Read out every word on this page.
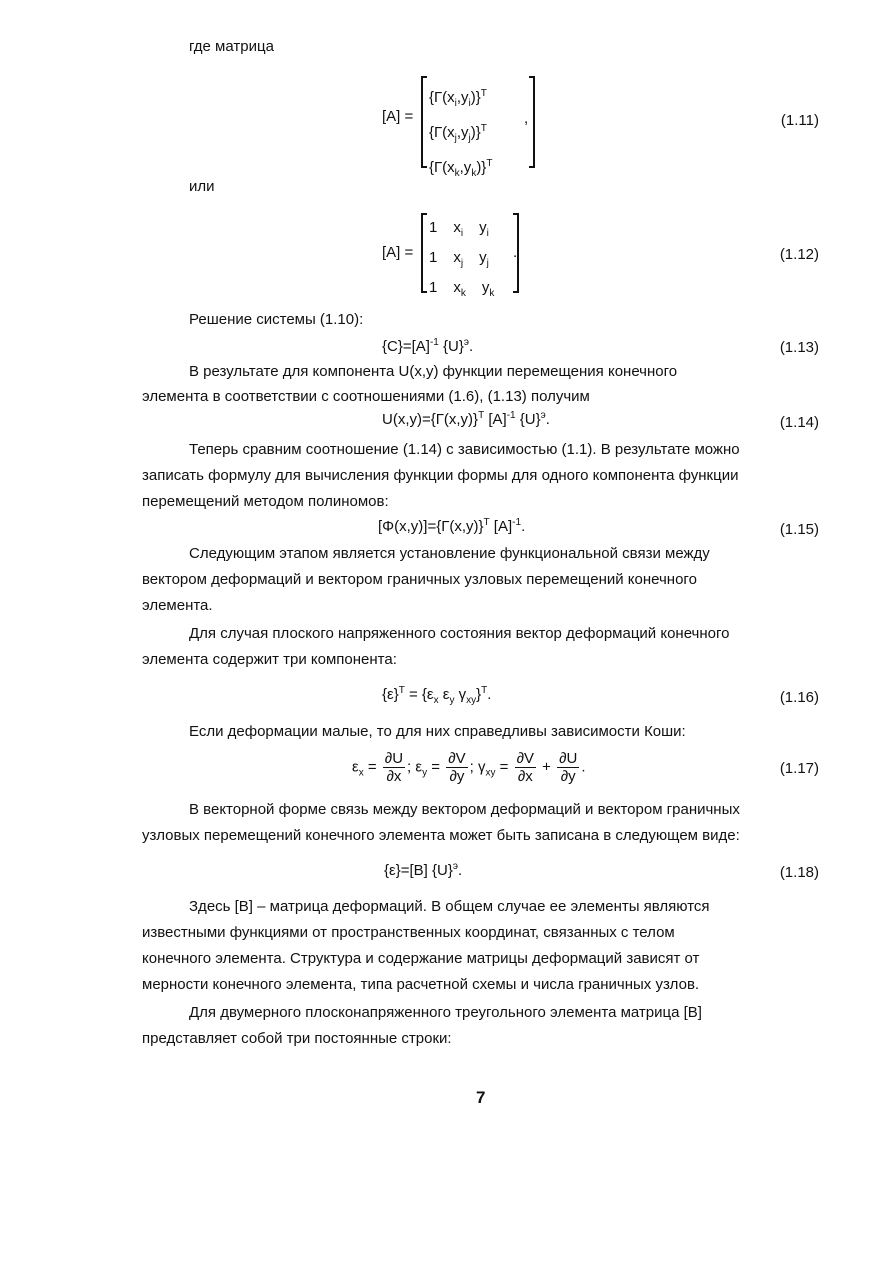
где матрица
[A] =
$\{Г(x_i,y_i)\}^T$
$\{Г(x_j,y_j)\}^T$
$\{Г(x_k,y_k)\}^T$
,	(1.11)
или
[A] =
1 $x_i$ $y_i$
1 $x_j$ $y_j$
1 $x_k$ $y_k$
.	(1.12)
Решение системы (1.10):
$\{C\}=[A]^{-1}$ $\{U\}^э$.	(1.13)
В результате для компонента U(x,y) функции перемещения конечного
элемента в соответствии с соотношениями (1.6), (1.13) получим
$U(x,y)=\{Г(x,y)\}^T$ $[A]^{-1}$ $\{U\}^э$.	(1.14)
Теперь сравним соотношение (1.14) с зависимостью (1.1). В результате можно
записать формулу для вычисления функции формы для одного компонента функции
перемещений методом полиномов:
$[\Phi(x,y)]=\{Г(x,y)\}^T$ $[A]^{-1}$.	(1.15)
Следующим этапом является установление функциональной связи между
вектором деформаций и вектором граничных узловых перемещений конечного
элемента.
Для случая плоского напряженного состояния вектор деформаций конечного
элемента содержит три компонента:
$\{\varepsilon\}^T = \{\varepsilon_x$ $\varepsilon_y$ $\gamma_{xy}\}^T$.	(1.16)
Если деформации малые, то для них справедливы зависимости Коши:
$\varepsilon_x = \frac{\partial U}{\partial x}$ ; $\varepsilon_y = \frac{\partial V}{\partial y}$ ; $\gamma_{xy} = \frac{\partial V}{\partial x} + \frac{\partial U}{\partial y}$ .	(1.17)
В векторной форме связь между вектором деформаций и вектором граничных
узловых перемещений конечного элемента может быть записана в следующем виде:
{ε}=[B] $\{U\}^э$.	(1.18)
Здесь [B] – матрица деформаций. В общем случае ее элементы являются
известными функциями от пространственных координат, связанных с телом
конечного элемента. Структура и содержание матрицы деформаций зависят от
мерности конечного элемента, типа расчетной схемы и числа граничных узлов.
Для двумерного плосконапряженного треугольного элемента матрица [B]
представляет собой три постоянные строки:
7
